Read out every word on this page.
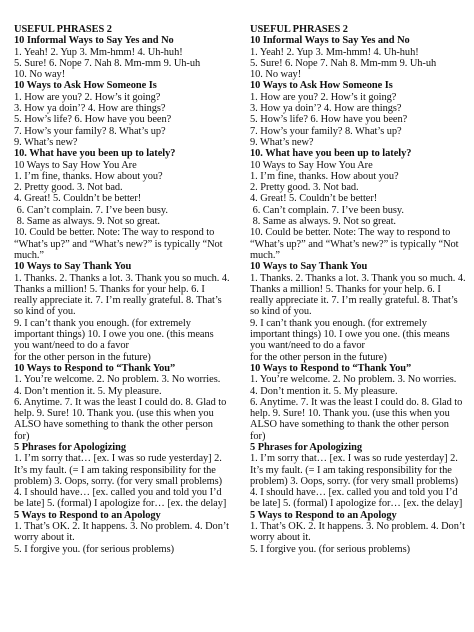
USEFUL PHRASES 2
10 Informal Ways to Say Yes and No
1. Yeah! 2. Yup 3. Mm-hmm! 4. Uh-huh!
5. Sure! 6. Nope 7. Nah 8. Mm-mm 9. Uh-uh
10. No way!
10 Ways to Ask How Someone Is
1. How are you? 2. How’s it going?
3. How ya doin’? 4. How are things?
5. How’s life? 6. How have you been?
7. How’s your family? 8. What’s up?
9. What’s new?
10. What have you been up to lately?
10 Ways to Say How You Are
1. I’m fine, thanks. How about you?
2. Pretty good. 3. Not bad.
4. Great! 5. Couldn’t be better!
6. Can’t complain. 7. I’ve been busy.
8. Same as always. 9. Not so great.
10. Could be better. Note: The way to respond to “What’s up?” and “What’s new?” is typically “Not much.”
10 Ways to Say Thank You
1. Thanks. 2. Thanks a lot. 3. Thank you so much. 4. Thanks a million! 5. Thanks for your help. 6. I really appreciate it. 7. I’m really grateful. 8. That’s so kind of you.
9. I can’t thank you enough. (for extremely important things) 10. I owe you one. (this means you want/need to do a favor
for the other person in the future)
10 Ways to Respond to “Thank You”
1. You’re welcome. 2. No problem. 3. No worries. 4. Don’t mention it. 5. My pleasure.
6. Anytime. 7. It was the least I could do. 8. Glad to help. 9. Sure! 10. Thank you. (use this when you
ALSO have something to thank the other person for)
5 Phrases for Apologizing
1. I’m sorry that… [ex. I was so rude yesterday] 2. It’s my fault. (= I am taking responsibility for the problem) 3. Oops, sorry. (for very small problems)
4. I should have… [ex. called you and told you I’d be late] 5. (formal) I apologize for… [ex. the delay]
5 Ways to Respond to an Apology
1. That’s OK. 2. It happens. 3. No problem. 4. Don’t worry about it.
5. I forgive you. (for serious problems)
USEFUL PHRASES 2
10 Informal Ways to Say Yes and No
1. Yeah! 2. Yup 3. Mm-hmm! 4. Uh-huh!
5. Sure! 6. Nope 7. Nah 8. Mm-mm 9. Uh-uh
10. No way!
10 Ways to Ask How Someone Is
1. How are you? 2. How’s it going?
3. How ya doin’? 4. How are things?
5. How’s life? 6. How have you been?
7. How’s your family? 8. What’s up?
9. What’s new?
10. What have you been up to lately?
10 Ways to Say How You Are
1. I’m fine, thanks. How about you?
2. Pretty good. 3. Not bad.
4. Great! 5. Couldn’t be better!
6. Can’t complain. 7. I’ve been busy.
8. Same as always. 9. Not so great.
10. Could be better. Note: The way to respond to “What’s up?” and “What’s new?” is typically “Not much.”
10 Ways to Say Thank You
1. Thanks. 2. Thanks a lot. 3. Thank you so much. 4. Thanks a million! 5. Thanks for your help. 6. I really appreciate it. 7. I’m really grateful. 8. That’s so kind of you.
9. I can’t thank you enough. (for extremely important things) 10. I owe you one. (this means you want/need to do a favor
for the other person in the future)
10 Ways to Respond to “Thank You”
1. You’re welcome. 2. No problem. 3. No worries. 4. Don’t mention it. 5. My pleasure.
6. Anytime. 7. It was the least I could do. 8. Glad to help. 9. Sure! 10. Thank you. (use this when you
ALSO have something to thank the other person for)
5 Phrases for Apologizing
1. I’m sorry that… [ex. I was so rude yesterday] 2. It’s my fault. (= I am taking responsibility for the problem) 3. Oops, sorry. (for very small problems)
4. I should have… [ex. called you and told you I’d be late] 5. (formal) I apologize for… [ex. the delay]
5 Ways to Respond to an Apology
1. That’s OK. 2. It happens. 3. No problem. 4. Don’t worry about it.
5. I forgive you. (for serious problems)
